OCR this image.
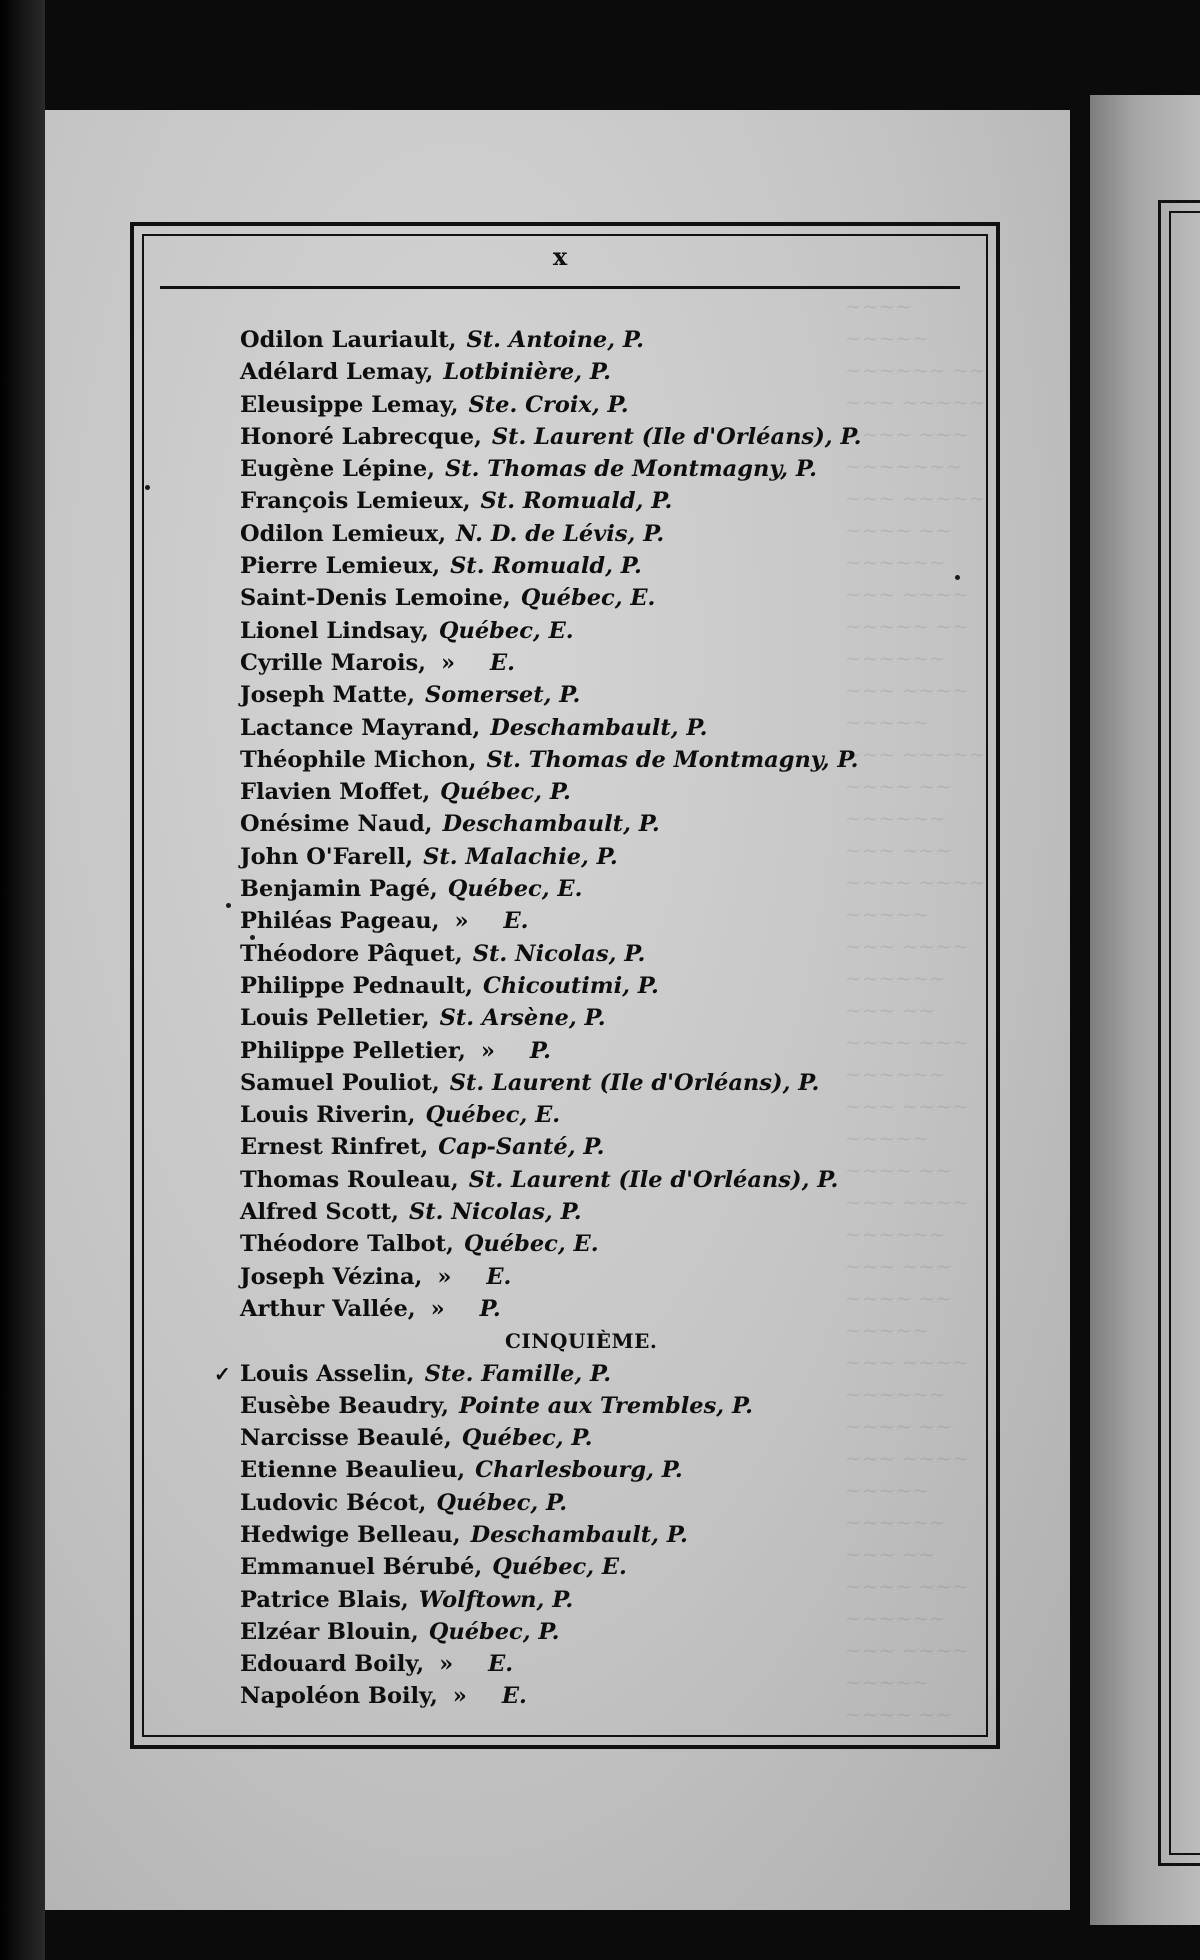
~~~~ ~~~~~
~~~~~~ ~~
~~~ ~~~~~
~~~~ ~~~
~~~~~~~
~~~ ~~~~~
~~~~ ~~
~~~~~~
~~~ ~~~~
~~~~~ ~~
~~~~~~
~~~ ~~~~
~~~~~
~~~ ~~~~~
~~~~ ~~
~~~~~~
~~~ ~~~
~~~~ ~~~~
~~~~~
~~~ ~~~~
~~~~~~
~~~ ~~
~~~~ ~~~
~~~~~~
~~~ ~~~~
~~~~~
~~~~ ~~
~~~ ~~~~
~~~~~~
~~~ ~~~
~~~~ ~~
~~~~~
~~~ ~~~~
~~~~~~
~~~~ ~~
~~~ ~~~~
~~~~~
~~~~~~
~~~ ~~
~~~~ ~~~
~~~~~~
~~~ ~~~~
~~~~~
~~~~ ~~
x
Odilon Lauriault, St. Antoine, P.
Adélard Lemay, Lotbinière, P.
Eleusippe Lemay, Ste. Croix, P.
Honoré Labrecque, St. Laurent (Ile d'Orléans), P.
Eugène Lépine, St. Thomas de Montmagny, P.
François Lemieux, St. Romuald, P.
Odilon Lemieux, N. D. de Lévis, P.
Pierre Lemieux, St. Romuald, P.
Saint-Denis Lemoine, Québec, E.
Lionel Lindsay, Québec, E.
Cyrille Marois, » E.
Joseph Matte, Somerset, P.
Lactance Mayrand, Deschambault, P.
Théophile Michon, St. Thomas de Montmagny, P.
Flavien Moffet, Québec, P.
Onésime Naud, Deschambault, P.
John O'Farell, St. Malachie, P.
Benjamin Pagé, Québec, E.
Philéas Pageau, » E.
Théodore Pâquet, St. Nicolas, P.
Philippe Pednault, Chicoutimi, P.
Louis Pelletier, St. Arsène, P.
Philippe Pelletier, » P.
Samuel Pouliot, St. Laurent (Ile d'Orléans), P.
Louis Riverin, Québec, E.
Ernest Rinfret, Cap-Santé, P.
Thomas Rouleau, St. Laurent (Ile d'Orléans), P.
Alfred Scott, St. Nicolas, P.
Théodore Talbot, Québec, E.
Joseph Vézina, » E.
Arthur Vallée, » P.
CINQUIÈME.
✓ Louis Asselin, Ste. Famille, P.
Eusèbe Beaudry, Pointe aux Trembles, P.
Narcisse Beaulé, Québec, P.
Etienne Beaulieu, Charlesbourg, P.
Ludovic Bécot, Québec, P.
Hedwige Belleau, Deschambault, P.
Emmanuel Bérubé, Québec, E.
Patrice Blais, Wolftown, P.
Elzéar Blouin, Québec, P.
Edouard Boily, » E.
Napoléon Boily, » E.
